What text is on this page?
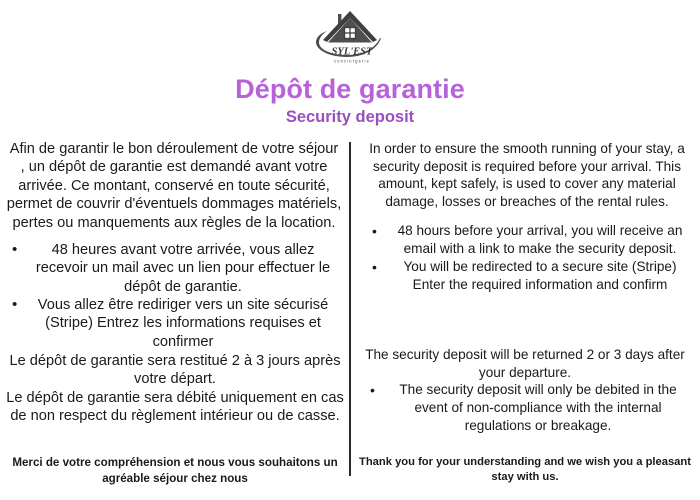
SYL'EST
conciergerie
Dépôt de garantie
Security deposit

Afin de garantir le bon déroulement de votre séjour , un dépôt de garantie est demandé avant votre arrivée. Ce montant, conservé en toute sécurité, permet de couvrir d'éventuels dommages matériels, pertes ou manquements aux règles de la location.

• 48 heures avant votre arrivée, vous allez recevoir un mail avec un lien pour effectuer le dépôt de garantie.
• Vous allez être rediriger vers un site sécurisé (Stripe) Entrez les informations requises et confirmer

Le dépôt de garantie sera restitué 2 à 3 jours après votre départ.

Le dépôt de garantie sera débité uniquement en cas de non respect du règlement intérieur ou de casse.

In order to ensure the smooth running of your stay, a security deposit is required before your arrival. This amount, kept safely, is used to cover any material damage, losses or breaches of the rental rules.

• 48 hours before your arrival, you will receive an email with a link to make the security deposit.
• You will be redirected to a secure site (Stripe) Enter the required information and confirm

The security deposit will be returned 2 or 3 days after your departure.

• The security deposit will only be debited in the event of non-compliance with the internal regulations or breakage.
Merci de votre compréhension et nous vous souhaitons un agréable séjour chez nous
Thank you for your understanding and we wish you a pleasant stay with us.
